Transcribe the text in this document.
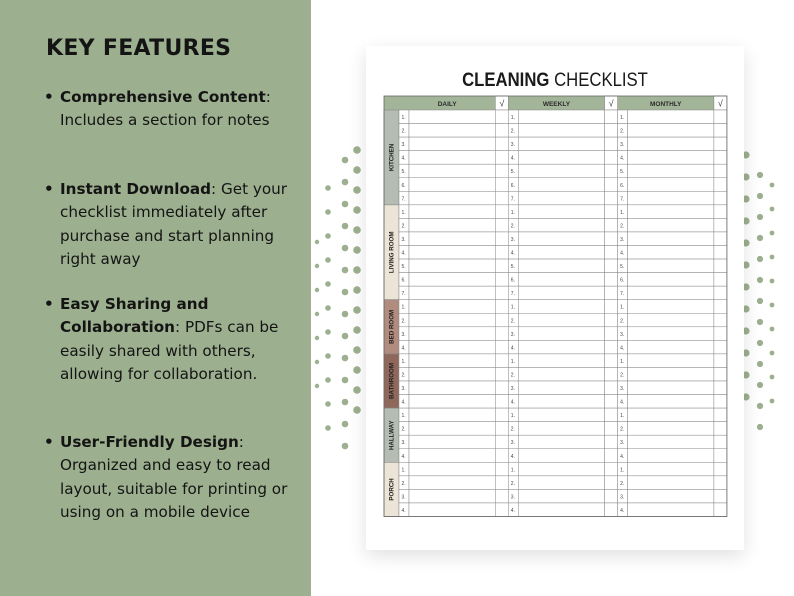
KEY FEATURES
• Comprehensive Content: Includes a section for notes
• Instant Download: Get your checklist immediately after purchase and start planning right away
• Easy Sharing and Collaboration: PDFs can be easily shared with others, allowing for collaboration.
• User-Friendly Design: Organized and easy to read layout, suitable for printing or using on a mobile device
CLEANING CHECKLIST
DAILY	√	WEEKLY	√	MONTHLY	√
KITCHEN
1.	1.	1.
2.	2.	2.
3.	3.	3.
4.	4.	4.
5.	5.	5.
6.	6.	6.
7.	7.	7.
LIVING ROOM
1.	1.	1.
2.	2.	2.
3.	3.	3.
4.	4.	4.
5.	5.	5.
6.	6.	6.
7.	7.	7.
BED ROOM
1.	1.	1.
2.	2.	2.
3.	3.	3.
4.	4.	4.
BATHROOM
1.	1.	1.
2.	2.	2.
3.	3.	3.
4.	4.	4.
HALLWAY
1.	1.	1.
2.	2.	2.
3.	3.	3.
4.	4.	4.
PORCH
1.	1.	1.
2.	2.	2.
3.	3.	3.
4.	4.	4.
